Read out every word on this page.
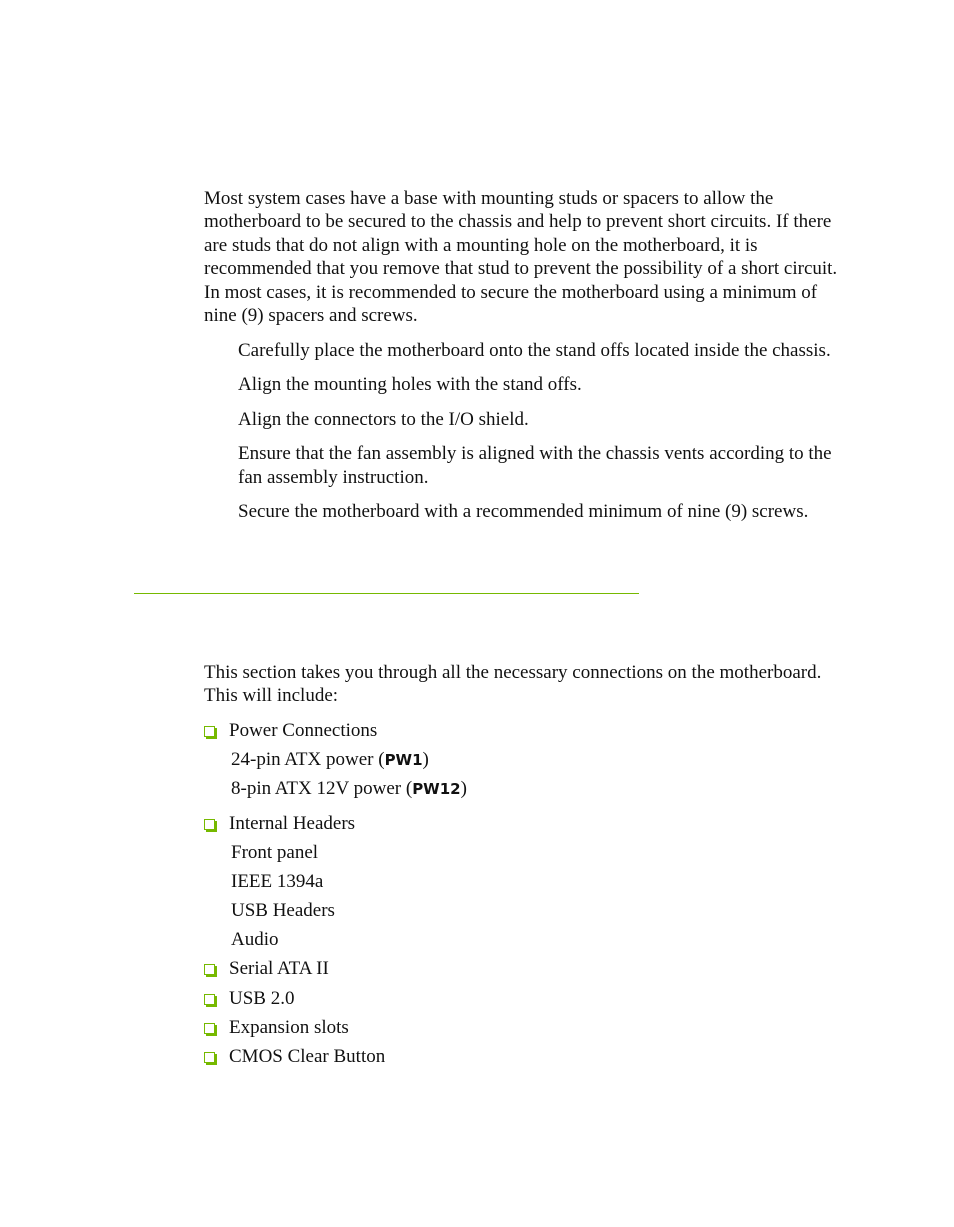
Most system cases have a base with mounting studs or spacers to allow the motherboard to be secured to the chassis and help to prevent short circuits. If there are studs that do not align with a mounting hole on the motherboard, it is recommended that you remove that stud to prevent the possibility of a short circuit. In most cases, it is recommended to secure the motherboard using a minimum of nine (9) spacers and screws.

Carefully place the motherboard onto the stand offs located inside the chassis.
Align the mounting holes with the stand offs.
Align the connectors to the I/O shield.
Ensure that the fan assembly is aligned with the chassis vents according to the fan assembly instruction.
Secure the motherboard with a recommended minimum of nine (9) screws.

This section takes you through all the necessary connections on the motherboard. This will include:

Power Connections
24-pin ATX power (PW1)
8-pin ATX 12V power (PW12)
Internal Headers
Front panel
IEEE 1394a
USB Headers
Audio
Serial ATA II
USB 2.0
Expansion slots
CMOS Clear Button
